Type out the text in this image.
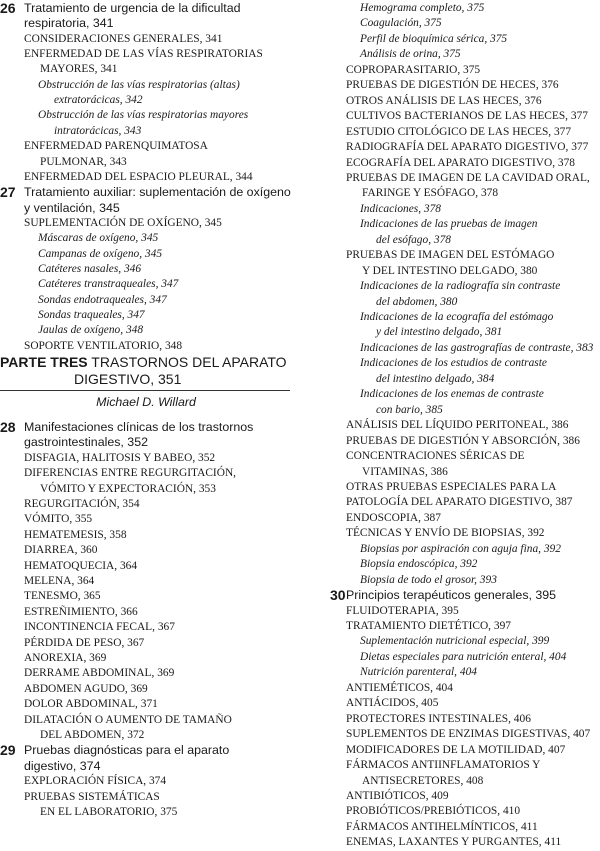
26 Tratamiento de urgencia de la dificultad
respiratoria, 341
CONSIDERACIONES GENERALES, 341
ENFERMEDAD DE LAS VÍAS RESPIRATORIAS
MAYORES, 341
Obstrucción de las vías respiratorias (altas)
extratorácicas, 342
Obstrucción de las vías respiratorias mayores
intratorácicas, 343
ENFERMEDAD PARENQUIMATOSA
PULMONAR, 343
ENFERMEDAD DEL ESPACIO PLEURAL, 344
27 Tratamiento auxiliar: suplementación de oxígeno
y ventilación, 345
SUPLEMENTACIÓN DE OXÍGENO, 345
Máscaras de oxígeno, 345
Campanas de oxígeno, 345
Catéteres nasales, 346
Catéteres transtraqueales, 347
Sondas endotraqueales, 347
Sondas traqueales, 347
Jaulas de oxígeno, 348
SOPORTE VENTILATORIO, 348
28 Manifestaciones clínicas de los trastornos
gastrointestinales, 352
DISFAGIA, HALITOSIS Y BABEO, 352
DIFERENCIAS ENTRE REGURGITACIÓN,
VÓMITO Y EXPECTORACIÓN, 353
REGURGITACIÓN, 354
VÓMITO, 355
HEMATEMESIS, 358
DIARREA, 360
HEMATOQUECIA, 364
MELENA, 364
TENESMO, 365
ESTREÑIMIENTO, 366
INCONTINENCIA FECAL, 367
PÉRDIDA DE PESO, 367
ANOREXIA, 369
DERRAME ABDOMINAL, 369
ABDOMEN AGUDO, 369
DOLOR ABDOMINAL, 371
DILATACIÓN O AUMENTO DE TAMAÑO
DEL ABDOMEN, 372
29 Pruebas diagnósticas para el aparato
digestivo, 374
EXPLORACIÓN FÍSICA, 374
PRUEBAS SISTEMÁTICAS
EN EL LABORATORIO, 375
PARTE TRES TRASTORNOS DEL APARATO
DIGESTIVO, 351
Michael D. Willard
Hemograma completo, 375
Coagulación, 375
Perfil de bioquímica sérica, 375
Análisis de orina, 375
COPROPARASITARIO, 375
PRUEBAS DE DIGESTIÓN DE HECES, 376
OTROS ANÁLISIS DE LAS HECES, 376
CULTIVOS BACTERIANOS DE LAS HECES, 377
ESTUDIO CITOLÓGICO DE LAS HECES, 377
RADIOGRAFÍA DEL APARATO DIGESTIVO, 377
ECOGRAFÍA DEL APARATO DIGESTIVO, 378
PRUEBAS DE IMAGEN DE LA CAVIDAD ORAL,
FARINGE Y ESÓFAGO, 378
Indicaciones, 378
Indicaciones de las pruebas de imagen
del esófago, 378
PRUEBAS DE IMAGEN DEL ESTÓMAGO
Y DEL INTESTINO DELGADO, 380
Indicaciones de la radiografía sin contraste
del abdomen, 380
Indicaciones de la ecografía del estómago
y del intestino delgado, 381
Indicaciones de las gastrografías de contraste, 383
Indicaciones de los estudios de contraste
del intestino delgado, 384
Indicaciones de los enemas de contraste
con bario, 385
ANÁLISIS DEL LÍQUIDO PERITONEAL, 386
PRUEBAS DE DIGESTIÓN Y ABSORCIÓN, 386
CONCENTRACIONES SÉRICAS DE
VITAMINAS, 386
OTRAS PRUEBAS ESPECIALES PARA LA
PATOLOGÍA DEL APARATO DIGESTIVO, 387
ENDOSCOPIA, 387
TÉCNICAS Y ENVÍO DE BIOPSIAS, 392
Biopsias por aspiración con aguja fina, 392
Biopsia endoscópica, 392
Biopsia de todo el grosor, 393
30 Principios terapéuticos generales, 395
FLUIDOTERAPIA, 395
TRATAMIENTO DIETÉTICO, 397
Suplementación nutricional especial, 399
Dietas especiales para nutrición enteral, 404
Nutrición parenteral, 404
ANTIEMÉTICOS, 404
ANTIÁCIDOS, 405
PROTECTORES INTESTINALES, 406
SUPLEMENTOS DE ENZIMAS DIGESTIVAS, 407
MODIFICADORES DE LA MOTILIDAD, 407
FÁRMACOS ANTIINFLAMATORIOS Y
ANTISECRETORES, 408
ANTIBIÓTICOS, 409
PROBIÓTICOS/PREBIÓTICOS, 410
FÁRMACOS ANTIHELMÍNTICOS, 411
ENEMAS, LAXANTES Y PURGANTES, 411
